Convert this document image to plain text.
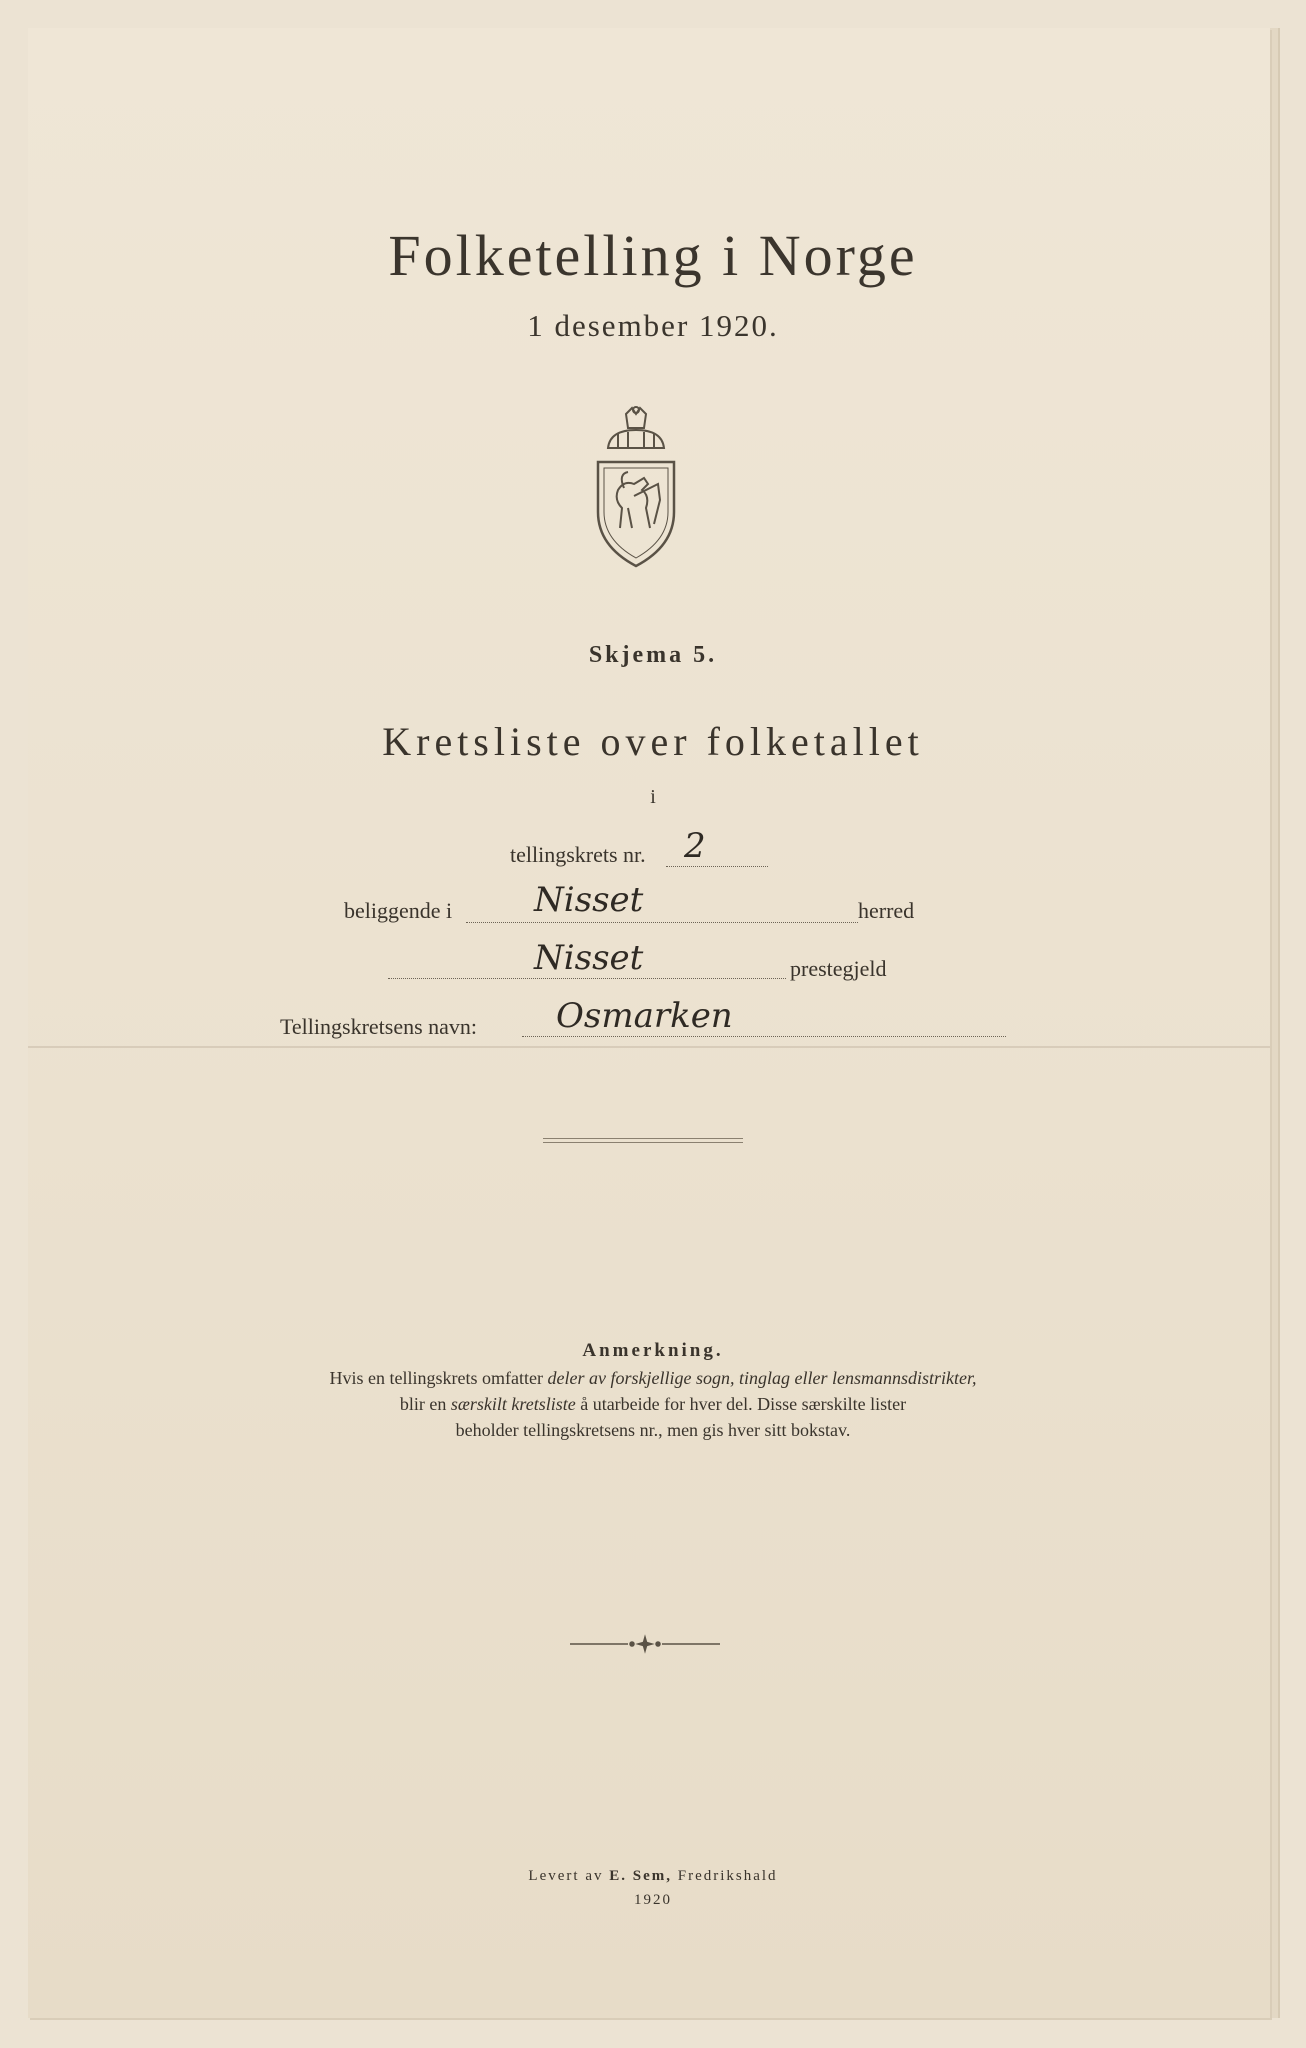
Folketelling i Norge
1 desember 1920.
Skjema 5.
Kretsliste over folketallet
i
tellingskrets nr. 2
beliggende i Nisset	herred
Nisset	prestegjeld
Tellingskretsens navn: Osmarken
Anmerkning.
Hvis en tellingskrets omfatter deler av forskjellige sogn, tinglag eller lensmannsdistrikter,
blir en særskilt kretsliste å utarbeide for hver del. Disse særskilte lister
beholder tellingskretsens nr., men gis hver sitt bokstav.
Levert av E. Sem, Fredrikshald
1920
